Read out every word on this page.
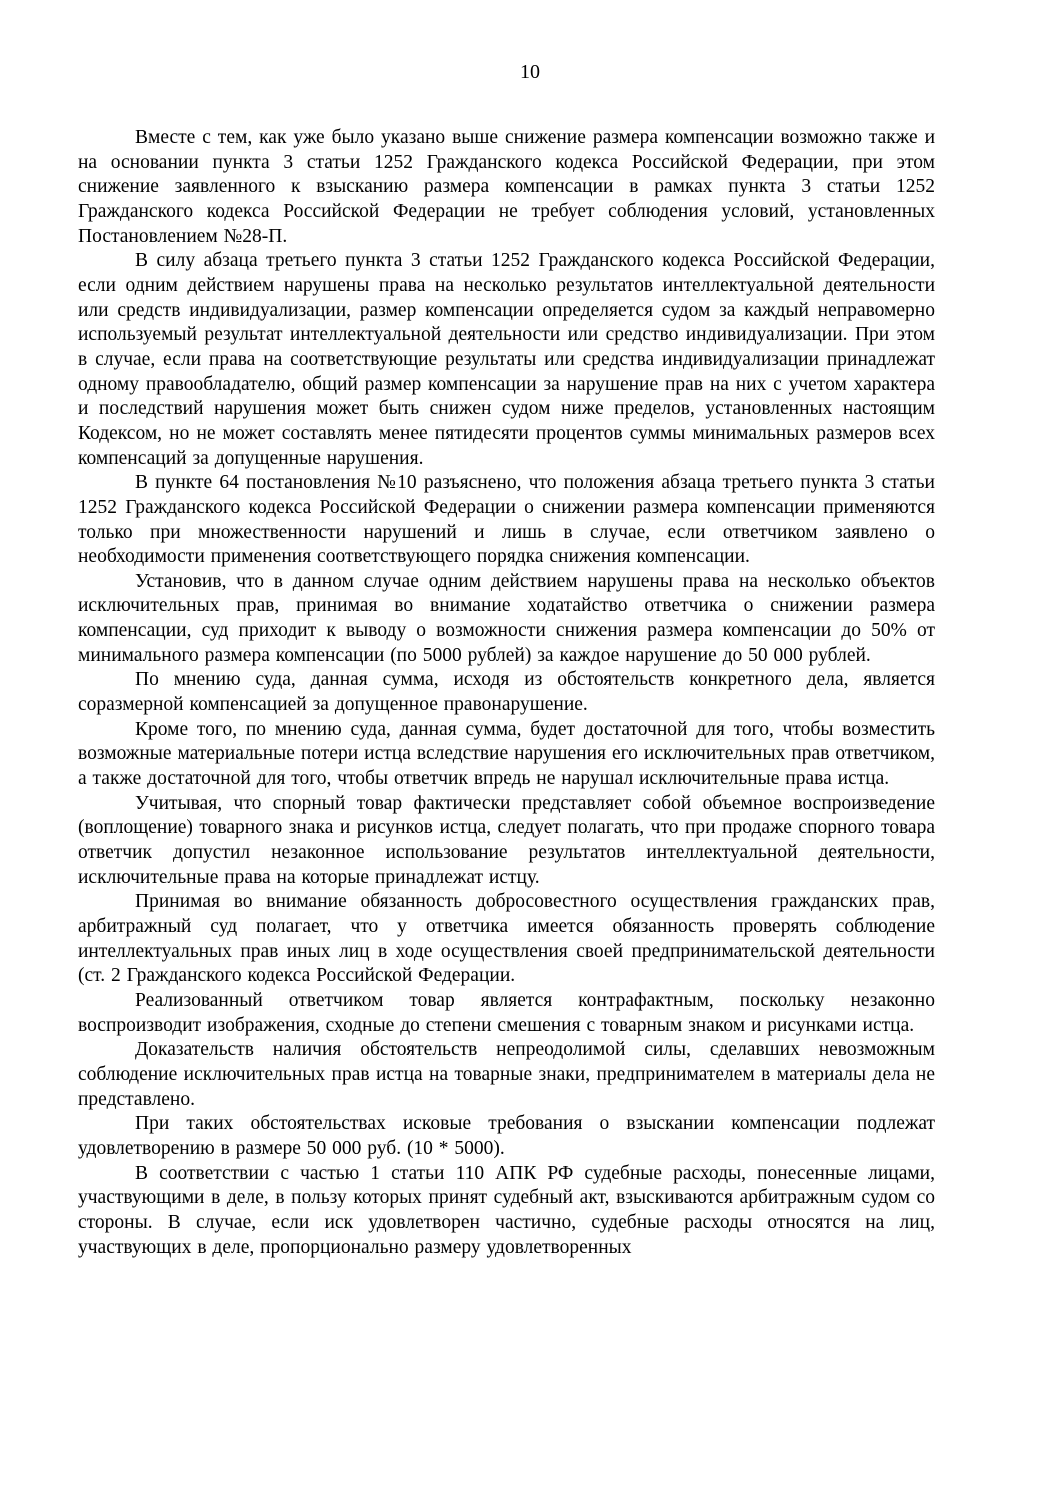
10

Вместе с тем, как уже было указано выше снижение размера компенсации возможно также и на основании пункта 3 статьи 1252 Гражданского кодекса Российской Федерации, при этом снижение заявленного к взысканию размера компенсации в рамках пункта 3 статьи 1252 Гражданского кодекса Российской Федерации не требует соблюдения условий, установленных Постановлением №28-П.

В силу абзаца третьего пункта 3 статьи 1252 Гражданского кодекса Российской Федерации, если одним действием нарушены права на несколько результатов интеллектуальной деятельности или средств индивидуализации, размер компенсации определяется судом за каждый неправомерно используемый результат интеллектуальной деятельности или средство индивидуализации. При этом в случае, если права на соответствующие результаты или средства индивидуализации принадлежат одному правообладателю, общий размер компенсации за нарушение прав на них с учетом характера и последствий нарушения может быть снижен судом ниже пределов, установленных настоящим Кодексом, но не может составлять менее пятидесяти процентов суммы минимальных размеров всех компенсаций за допущенные нарушения.

В пункте 64 постановления №10 разъяснено, что положения абзаца третьего пункта 3 статьи 1252 Гражданского кодекса Российской Федерации о снижении размера компенсации применяются только при множественности нарушений и лишь в случае, если ответчиком заявлено о необходимости применения соответствующего порядка снижения компенсации.

Установив, что в данном случае одним действием нарушены права на несколько объектов исключительных прав, принимая во внимание ходатайство ответчика о снижении размера компенсации, суд приходит к выводу о возможности снижения размера компенсации до 50% от минимального размера компенсации (по 5000 рублей) за каждое нарушение до 50 000 рублей.

По мнению суда, данная сумма, исходя из обстоятельств конкретного дела, является соразмерной компенсацией за допущенное правонарушение.

Кроме того, по мнению суда, данная сумма, будет достаточной для того, чтобы возместить возможные материальные потери истца вследствие нарушения его исключительных прав ответчиком, а также достаточной для того, чтобы ответчик впредь не нарушал исключительные права истца.

Учитывая, что спорный товар фактически представляет собой объемное воспроизведение (воплощение) товарного знака и рисунков истца, следует полагать, что при продаже спорного товара ответчик допустил незаконное использование результатов интеллектуальной деятельности, исключительные права на которые принадлежат истцу.

Принимая во внимание обязанность добросовестного осуществления гражданских прав, арбитражный суд полагает, что у ответчика имеется обязанность проверять соблюдение интеллектуальных прав иных лиц в ходе осуществления своей предпринимательской деятельности (ст. 2 Гражданского кодекса Российской Федерации.

Реализованный ответчиком товар является контрафактным, поскольку незаконно воспроизводит изображения, сходные до степени смешения с товарным знаком и рисунками истца.

Доказательств наличия обстоятельств непреодолимой силы, сделавших невозможным соблюдение исключительных прав истца на товарные знаки, предпринимателем в материалы дела не представлено.

При таких обстоятельствах исковые требования о взыскании компенсации подлежат удовлетворению в размере 50 000 руб. (10 * 5000).

В соответствии с частью 1 статьи 110 АПК РФ судебные расходы, понесенные лицами, участвующими в деле, в пользу которых принят судебный акт, взыскиваются арбитражным судом со стороны. В случае, если иск удовлетворен частично, судебные расходы относятся на лиц, участвующих в деле, пропорционально размеру удовлетворенных
